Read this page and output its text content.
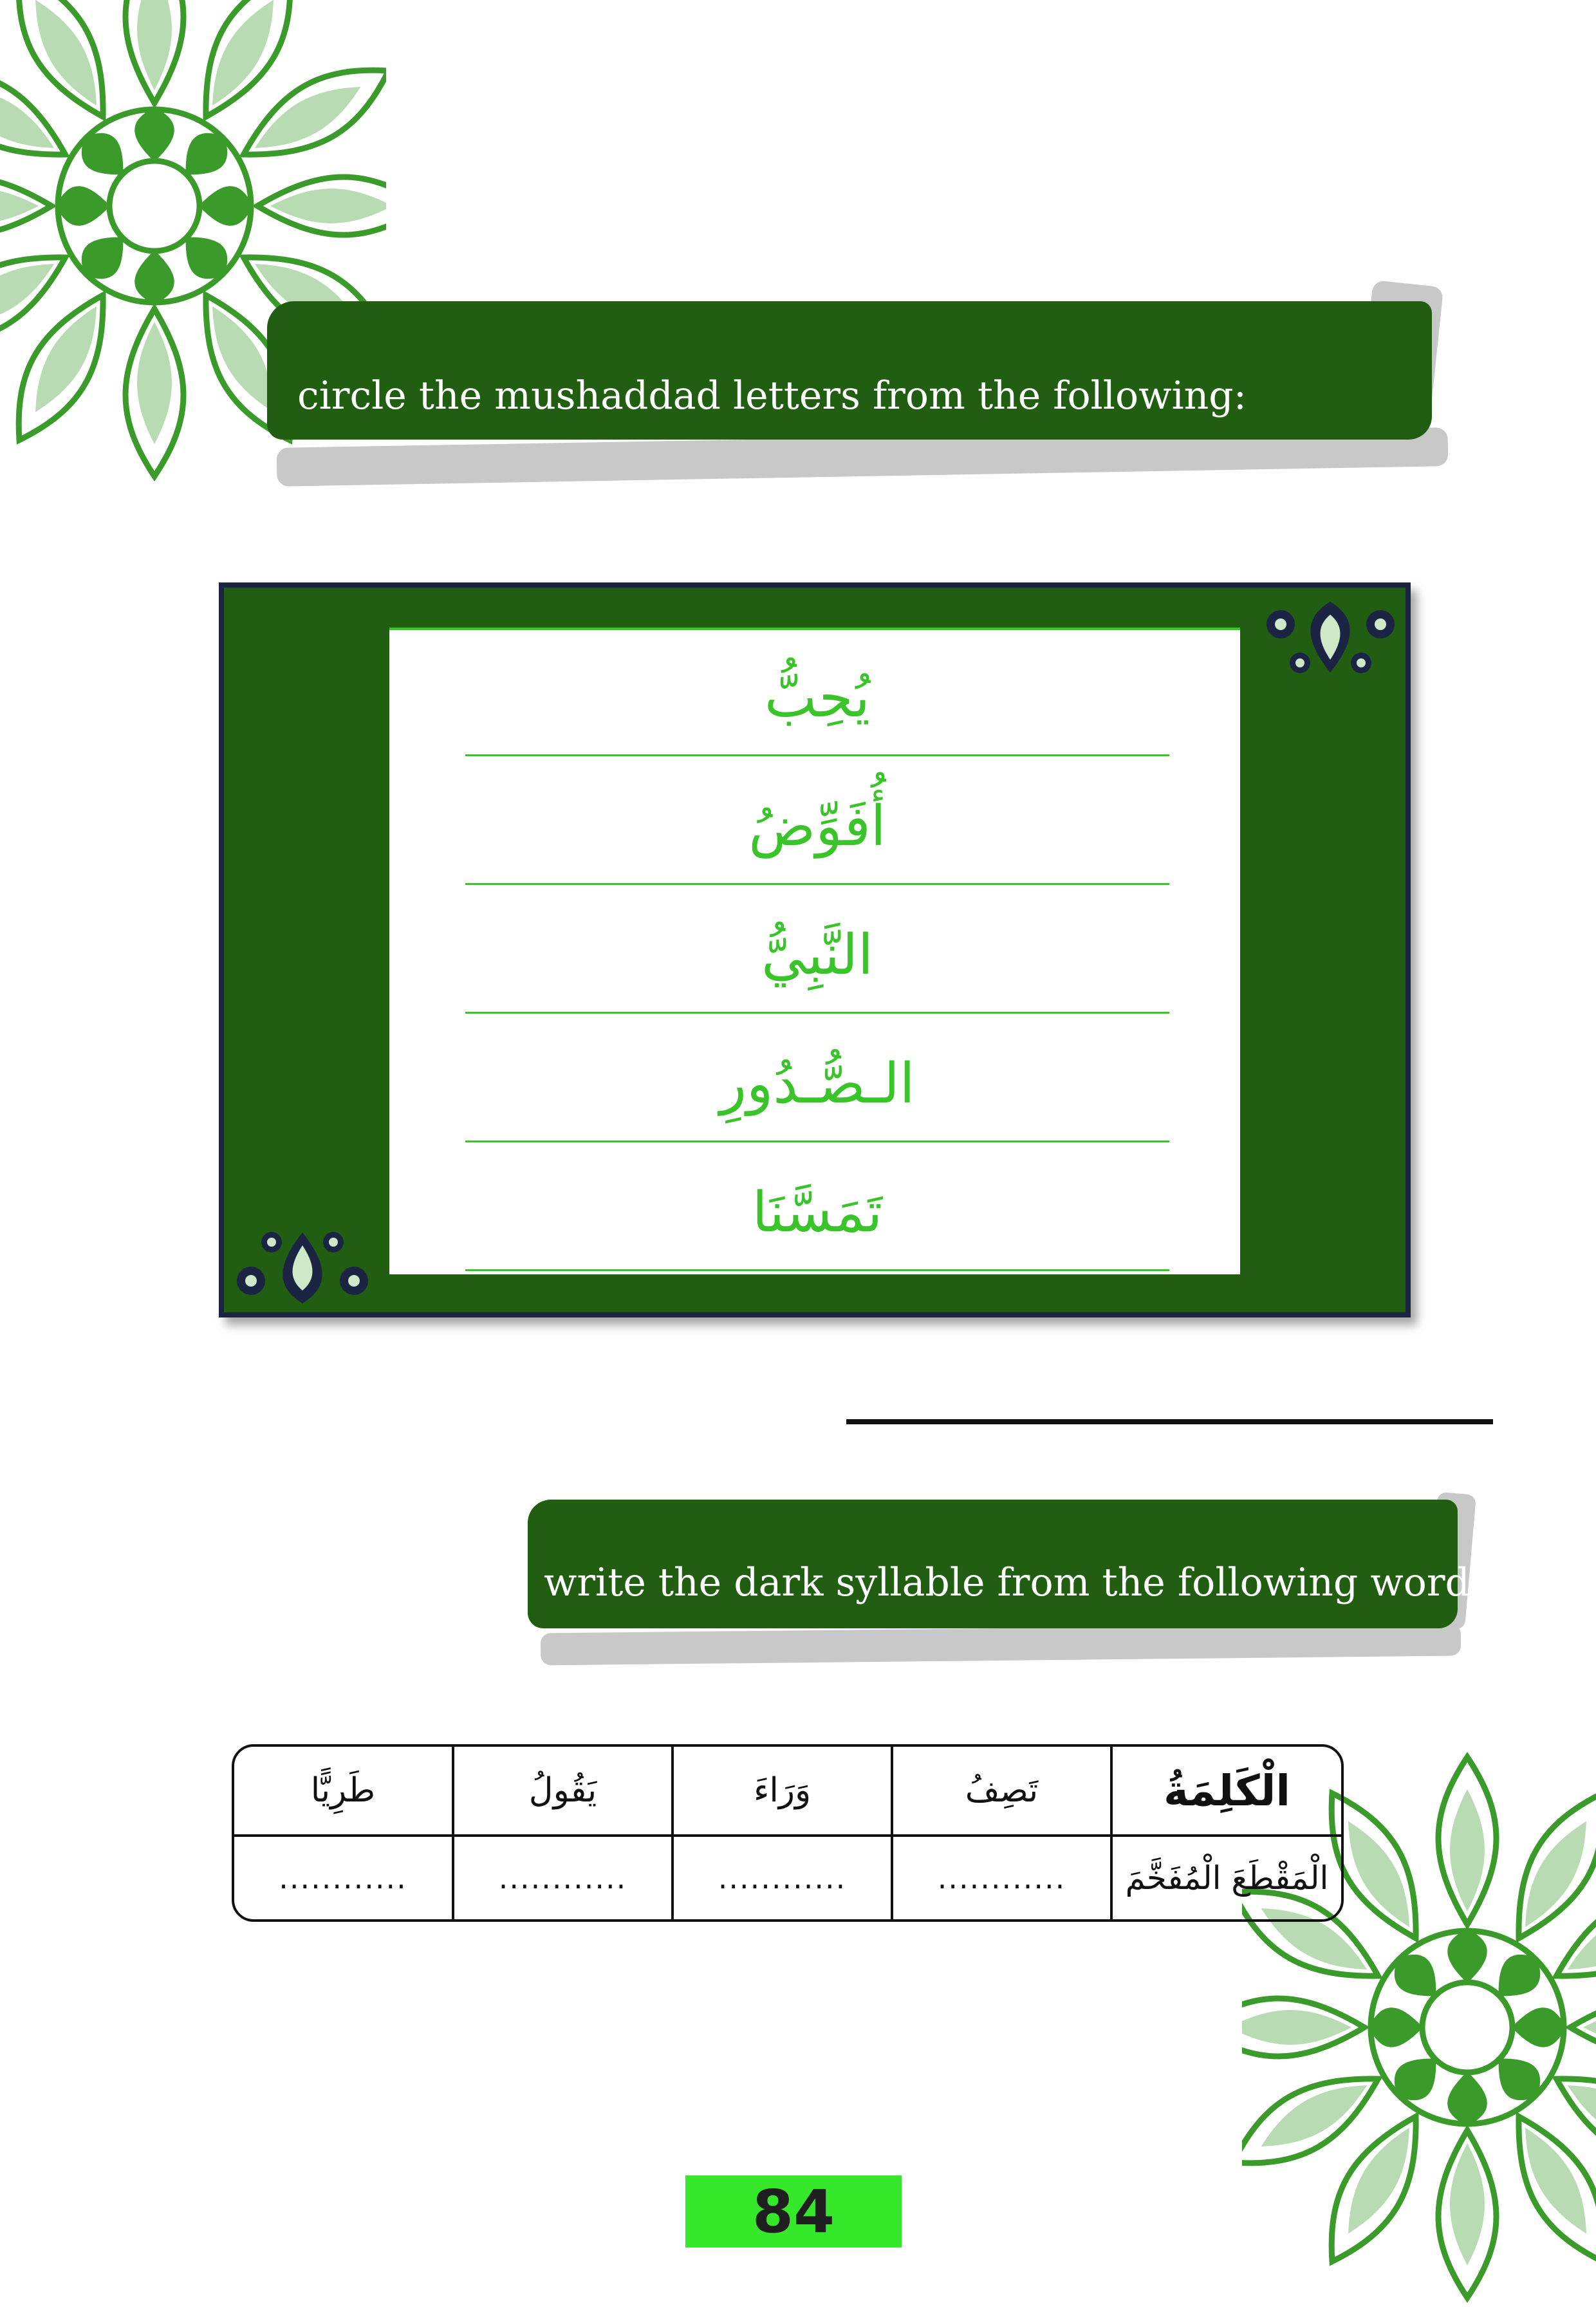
circle the mushaddad letters from the following:
يُحِبُّ
أُفَوِّضُ
النَّبِيُّ
الـصُّـدُورِ
تَمَسَّنَا
write the dark syllable from the following words:
طَرِيًّا	يَقُولُ	وَرَاءَ	تَصِفُ	الْكَلِمَةُ
............	............	............	............	الْمَقْطَعَ الْمُفَخَّمَ
84
